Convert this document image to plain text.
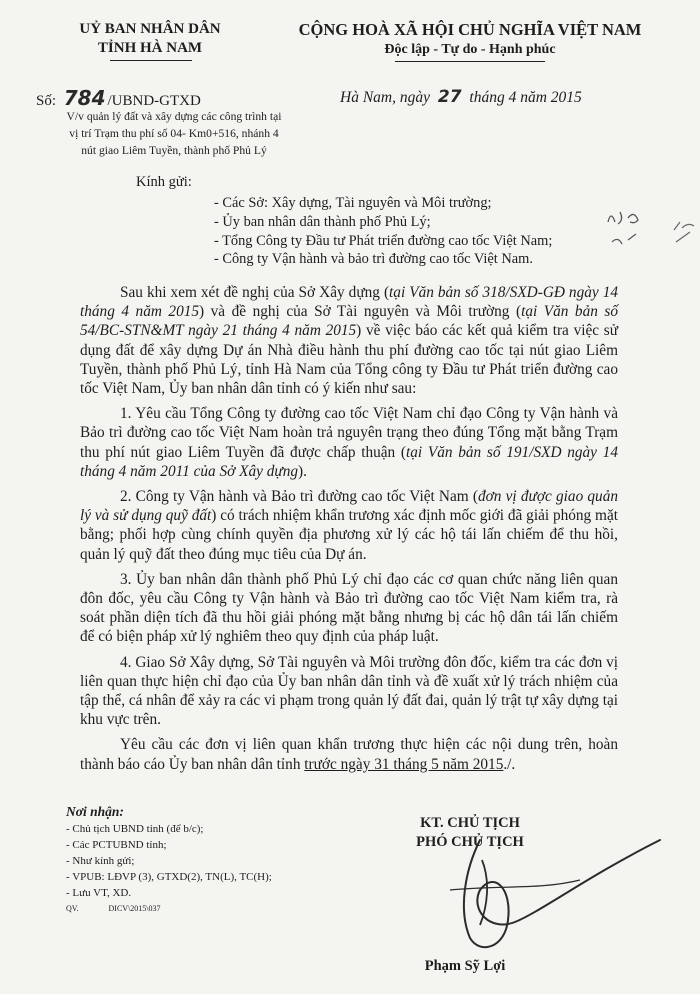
UỶ BAN NHÂN DÂN
TỈNH HÀ NAM
CỘNG HOÀ XÃ HỘI CHỦ NGHĨA VIỆT NAM
Độc lập - Tự do - Hạnh phúc
Số: 784 /UBND-GTXD	Hà Nam, ngày 27 tháng 4 năm 2015
V/v quản lý đất và xây dựng các công trình tại
vị trí Trạm thu phí số 04- Km0+516, nhánh 4
nút giao Liêm Tuyền, thành phố Phủ Lý
Kính gửi:
- Các Sở: Xây dựng, Tài nguyên và Môi trường;
- Ủy ban nhân dân thành phố Phủ Lý;
- Tổng Công ty Đầu tư Phát triển đường cao tốc Việt Nam;
- Công ty Vận hành và bảo trì đường cao tốc Việt Nam.

Sau khi xem xét đề nghị của Sở Xây dựng (tại Văn bản số 318/SXD-GĐ ngày 14 tháng 4 năm 2015) và đề nghị của Sở Tài nguyên và Môi trường (tại Văn bản số 54/BC-STN&MT ngày 21 tháng 4 năm 2015) về việc báo các kết quả kiểm tra việc sử dụng đất để xây dựng Dự án Nhà điều hành thu phí đường cao tốc tại nút giao Liêm Tuyền, thành phố Phủ Lý, tỉnh Hà Nam của Tổng công ty Đầu tư Phát triển đường cao tốc Việt Nam, Ủy ban nhân dân tỉnh có ý kiến như sau:

1. Yêu cầu Tổng Công ty đường cao tốc Việt Nam chỉ đạo Công ty Vận hành và Bảo trì đường cao tốc Việt Nam hoàn trả nguyên trạng theo đúng Tổng mặt bằng Trạm thu phí nút giao Liêm Tuyền đã được chấp thuận (tại Văn bản số 191/SXD ngày 14 tháng 4 năm 2011 của Sở Xây dựng).

2. Công ty Vận hành và Bảo trì đường cao tốc Việt Nam (đơn vị được giao quản lý và sử dụng quỹ đất) có trách nhiệm khẩn trương xác định mốc giới đã giải phóng mặt bằng; phối hợp cùng chính quyền địa phương xử lý các hộ tái lấn chiếm để thu hồi, quản lý quỹ đất theo đúng mục tiêu của Dự án.

3. Ủy ban nhân dân thành phố Phủ Lý chỉ đạo các cơ quan chức năng liên quan đôn đốc, yêu cầu Công ty Vận hành và Bảo trì đường cao tốc Việt Nam kiểm tra, rà soát phần diện tích đã thu hồi giải phóng mặt bằng nhưng bị các hộ dân tái lấn chiếm để có biện pháp xử lý nghiêm theo quy định của pháp luật.

4. Giao Sở Xây dựng, Sở Tài nguyên và Môi trường đôn đốc, kiểm tra các đơn vị liên quan thực hiện chỉ đạo của Ủy ban nhân dân tỉnh và đề xuất xử lý trách nhiệm của tập thể, cá nhân để xảy ra các vi phạm trong quản lý đất đai, quản lý trật tự xây dựng tại khu vực trên.

Yêu cầu các đơn vị liên quan khẩn trương thực hiện các nội dung trên, hoàn thành báo cáo Ủy ban nhân dân tỉnh trước ngày 31 tháng 5 năm 2015./.

Nơi nhận:
- Chủ tịch UBND tỉnh (để b/c);
- Các PCTUBND tỉnh;
- Như kính gửi;
- VPUB: LĐVP (3), GTXD(2), TN(L), TC(H);
- Lưu VT, XD.
QV.	DICV\2015\037
KT. CHỦ TỊCH
PHÓ CHỦ TỊCH
Phạm Sỹ Lợi
